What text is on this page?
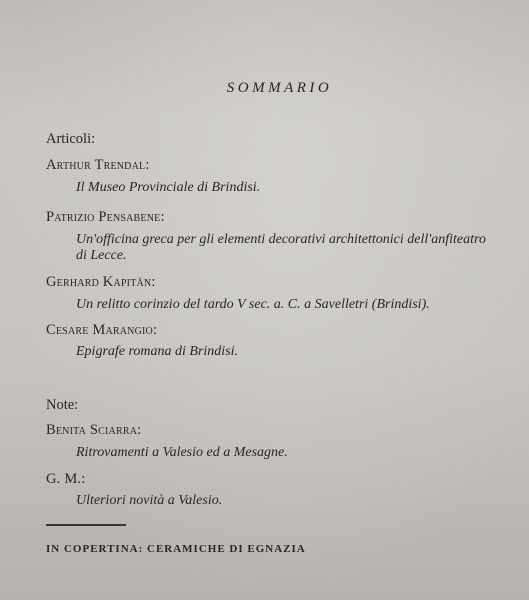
SOMMARIO
Articoli:
Arthur Trendal:
Il Museo Provinciale di Brindisi.
Patrizio Pensabene:
Un'officina greca per gli elementi decorativi architettonici dell'anfiteatro
di Lecce.
Gerhard Kapitän:
Un relitto corinzio del tardo V sec. a. C. a Savelletri (Brindisi).
Cesare Marangio:
Epigrafe romana di Brindisi.
Note:
Benita Sciarra:
Ritrovamenti a Valesio ed a Mesagne.
G. M.:
Ulteriori novità a Valesio.
IN COPERTINA: CERAMICHE DI EGNAZIA
